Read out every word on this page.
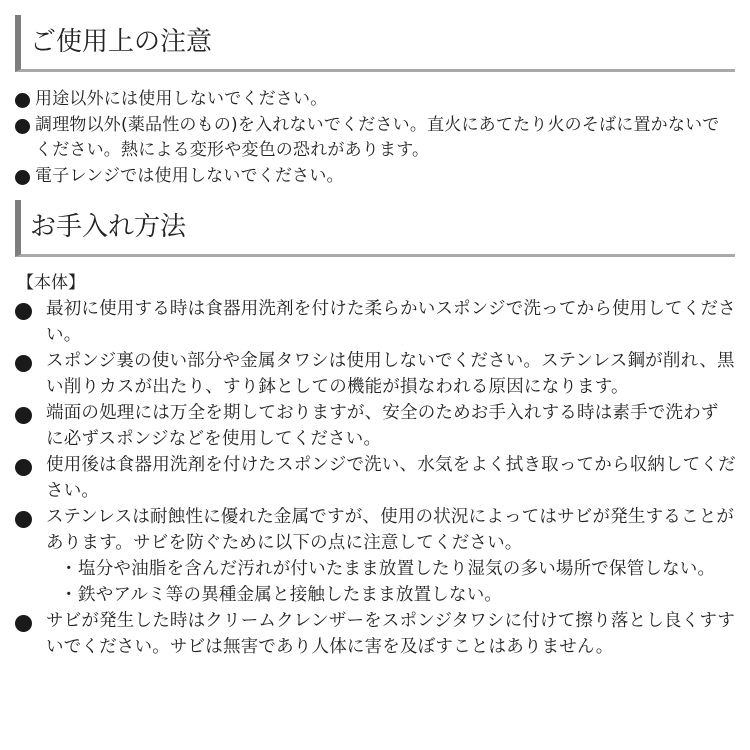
ご使用上の注意
用途以外には使用しないでください。
調理物以外(薬品性のもの)を入れないでください。直火にあてたり火のそばに置かないでください。熱による変形や変色の恐れがあります。
電子レンジでは使用しないでください。
お手入れ方法
【本体】
最初に使用する時は食器用洗剤を付けた柔らかいスポンジで洗ってから使用してください。
スポンジ裏の使い部分や金属タワシは使用しないでください。ステンレス鋼が削れ、黒い削りカスが出たり、すり鉢としての機能が損なわれる原因になります。
端面の処理には万全を期しておりますが、安全のためお手入れする時は素手で洗わずに必ずスポンジなどを使用してください。
使用後は食器用洗剤を付けたスポンジで洗い、水気をよく拭き取ってから収納してください。
ステンレスは耐蝕性に優れた金属ですが、使用の状況によってはサビが発生することがあります。サビを防ぐために以下の点に注意してください。
・ 塩分や油脂を含んだ汚れが付いたまま放置したり湿気の多い場所で保管しない。
・ 鉄やアルミ等の異種金属と接触したまま放置しない。
サビが発生した時はクリームクレンザーをスポンジタワシに付けて擦り落とし良くすすいでください。サビは無害であり人体に害を及ぼすことはありません。
